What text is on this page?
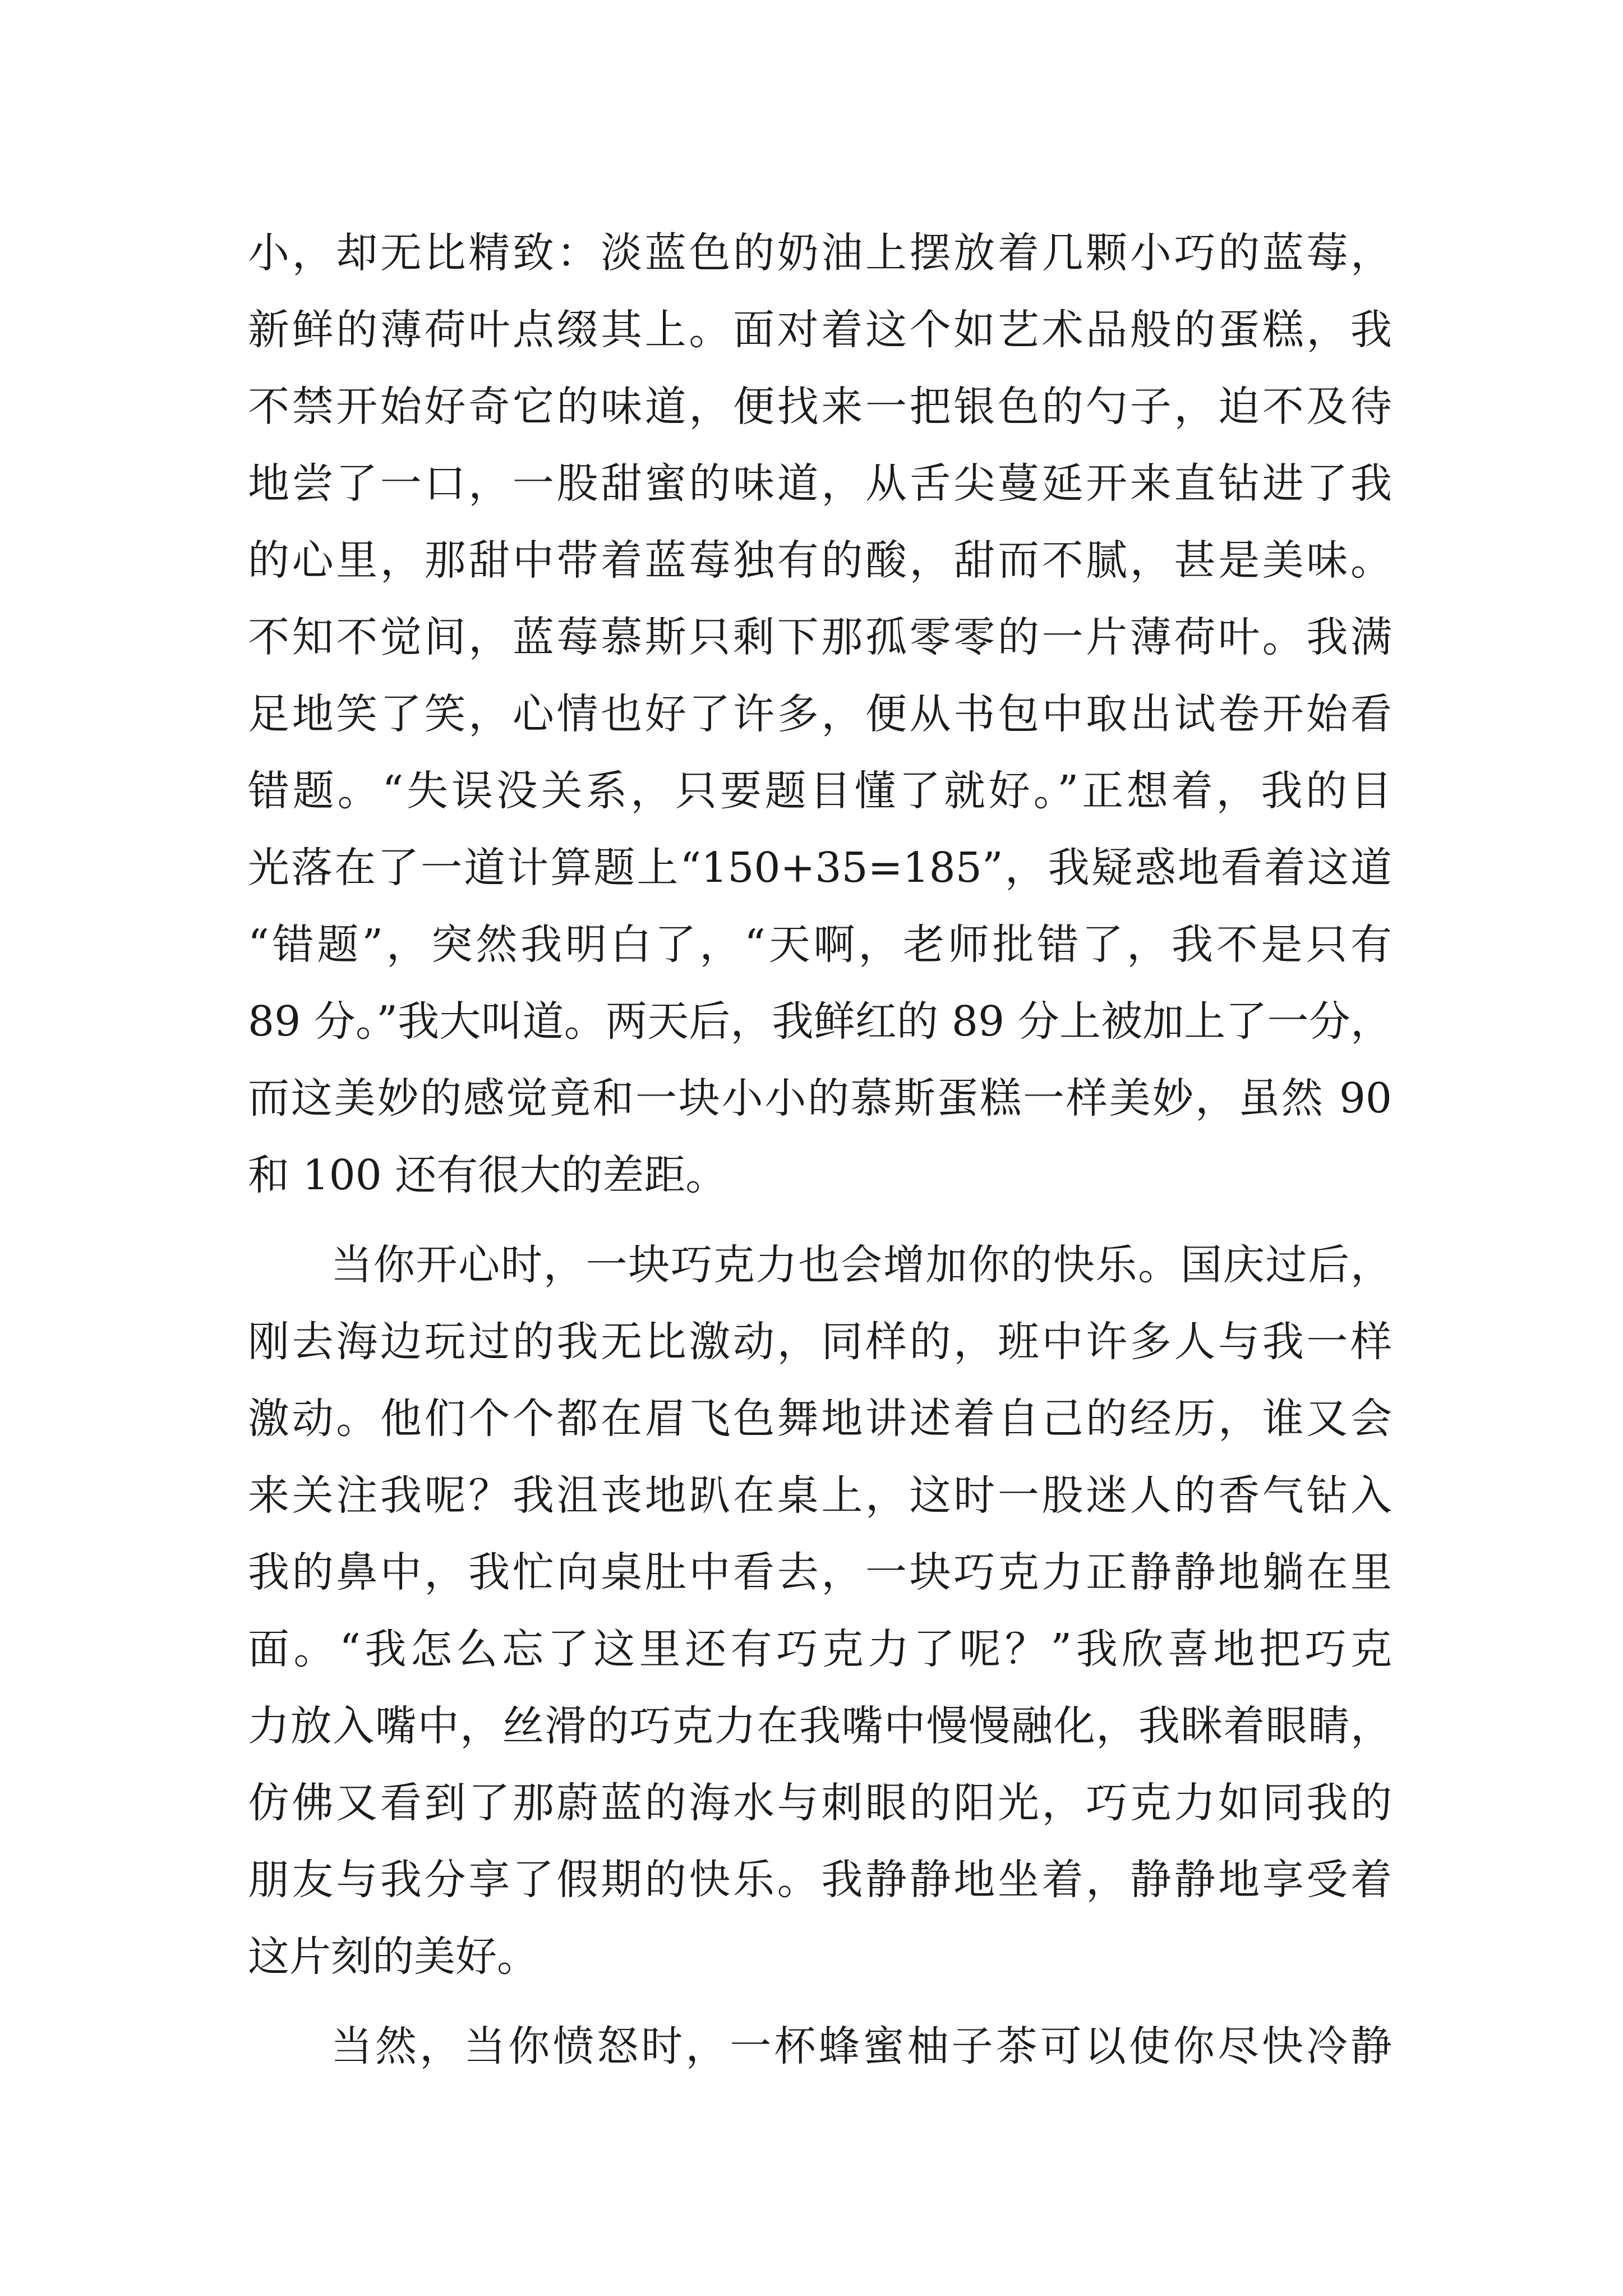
小，却无比精致：淡蓝色的奶油上摆放着几颗小巧的蓝莓，
新鲜的薄荷叶点缀其上。面对着这个如艺术品般的蛋糕，我
不禁开始好奇它的味道，便找来一把银色的勺子，迫不及待
地尝了一口，一股甜蜜的味道，从舌尖蔓延开来直钻进了我
的心里，那甜中带着蓝莓独有的酸，甜而不腻，甚是美味。
不知不觉间，蓝莓慕斯只剩下那孤零零的一片薄荷叶。我满
足地笑了笑，心情也好了许多，便从书包中取出试卷开始看
错题。“失误没关系，只要题目懂了就好。”正想着，我的目
光落在了一道计算题上“150+35=185”，我疑惑地看着这道
“错题”，突然我明白了，“天啊，老师批错了，我不是只有
89 分。”我大叫道。两天后，我鲜红的 89 分上被加上了一分，
而这美妙的感觉竟和一块小小的慕斯蛋糕一样美妙，虽然 90
和 100 还有很大的差距。
当你开心时，一块巧克力也会增加你的快乐。国庆过后，
刚去海边玩过的我无比激动，同样的，班中许多人与我一样
激动。他们个个都在眉飞色舞地讲述着自己的经历，谁又会
来关注我呢？我沮丧地趴在桌上，这时一股迷人的香气钻入
我的鼻中，我忙向桌肚中看去，一块巧克力正静静地躺在里
面。“我怎么忘了这里还有巧克力了呢？”我欣喜地把巧克
力放入嘴中，丝滑的巧克力在我嘴中慢慢融化，我眯着眼睛，
仿佛又看到了那蔚蓝的海水与刺眼的阳光，巧克力如同我的
朋友与我分享了假期的快乐。我静静地坐着，静静地享受着
这片刻的美好。
当然，当你愤怒时，一杯蜂蜜柚子茶可以使你尽快冷静
